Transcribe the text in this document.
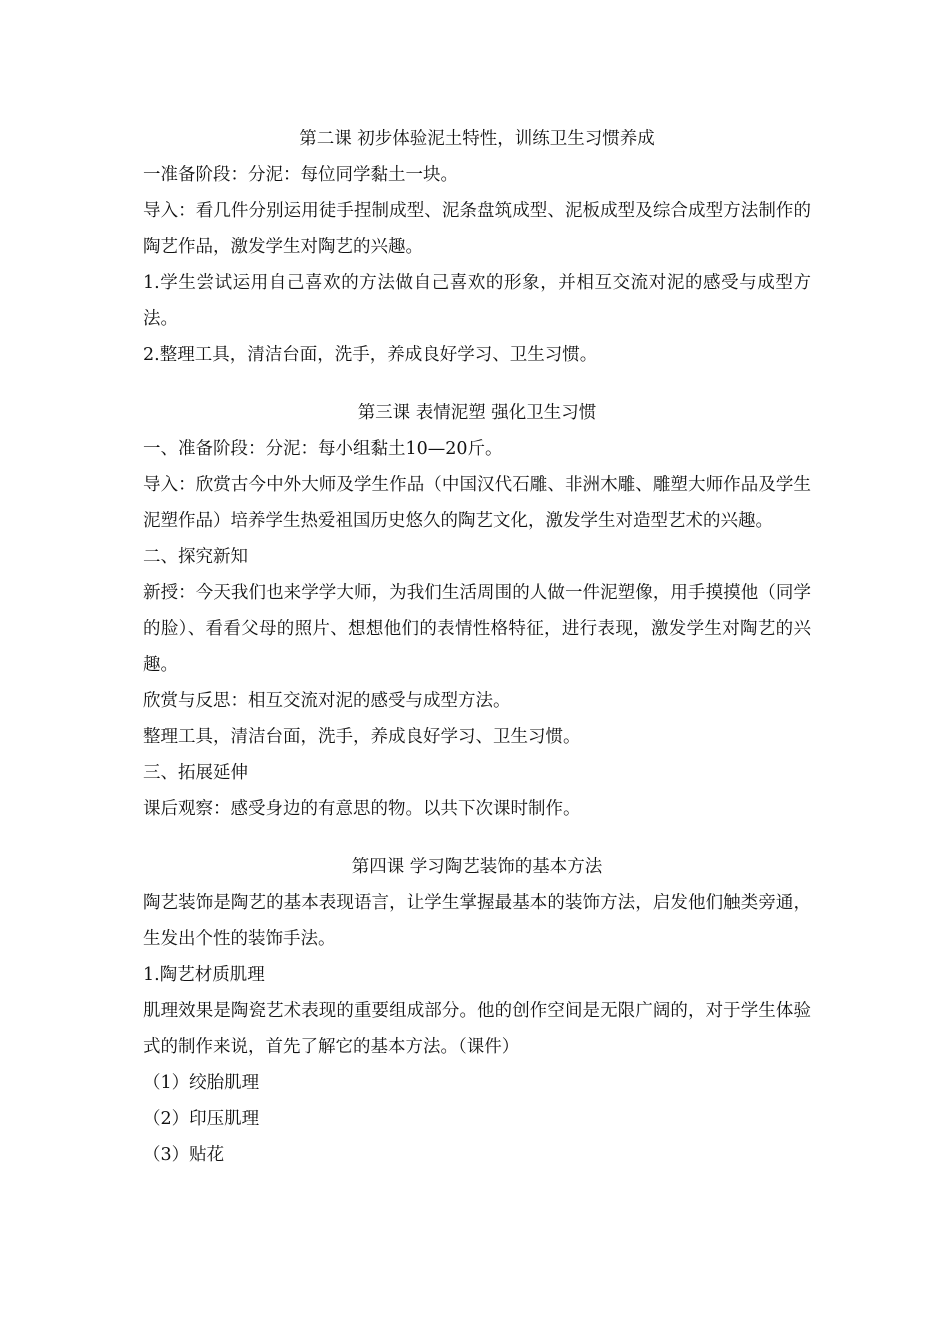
第二课 初步体验泥土特性，训练卫生习惯养成

一准备阶段：分泥：每位同学黏土一块。

导入：看几件分别运用徒手捏制成型、泥条盘筑成型、泥板成型及综合成型方法制作的陶艺作品，激发学生对陶艺的兴趣。

1.学生尝试运用自己喜欢的方法做自己喜欢的形象，并相互交流对泥的感受与成型方法。

2.整理工具，清洁台面，洗手，养成良好学习、卫生习惯。

第三课 表情泥塑 强化卫生习惯

一、准备阶段：分泥：每小组黏土10—20斤。

导入：欣赏古今中外大师及学生作品（中国汉代石雕、非洲木雕、雕塑大师作品及学生泥塑作品）培养学生热爱祖国历史悠久的陶艺文化，激发学生对造型艺术的兴趣。

二、探究新知

新授：今天我们也来学学大师，为我们生活周围的人做一件泥塑像，用手摸摸他（同学的脸）、看看父母的照片、想想他们的表情性格特征，进行表现，激发学生对陶艺的兴趣。

欣赏与反思：相互交流对泥的感受与成型方法。

整理工具，清洁台面，洗手，养成良好学习、卫生习惯。

三、拓展延伸

课后观察：感受身边的有意思的物。以共下次课时制作。

第四课 学习陶艺装饰的基本方法

陶艺装饰是陶艺的基本表现语言，让学生掌握最基本的装饰方法，启发他们触类旁通，生发出个性的装饰手法。

1.陶艺材质肌理

肌理效果是陶瓷艺术表现的重要组成部分。他的创作空间是无限广阔的，对于学生体验式的制作来说，首先了解它的基本方法。（课件）

（1）绞胎肌理

（2）印压肌理

（3）贴花
